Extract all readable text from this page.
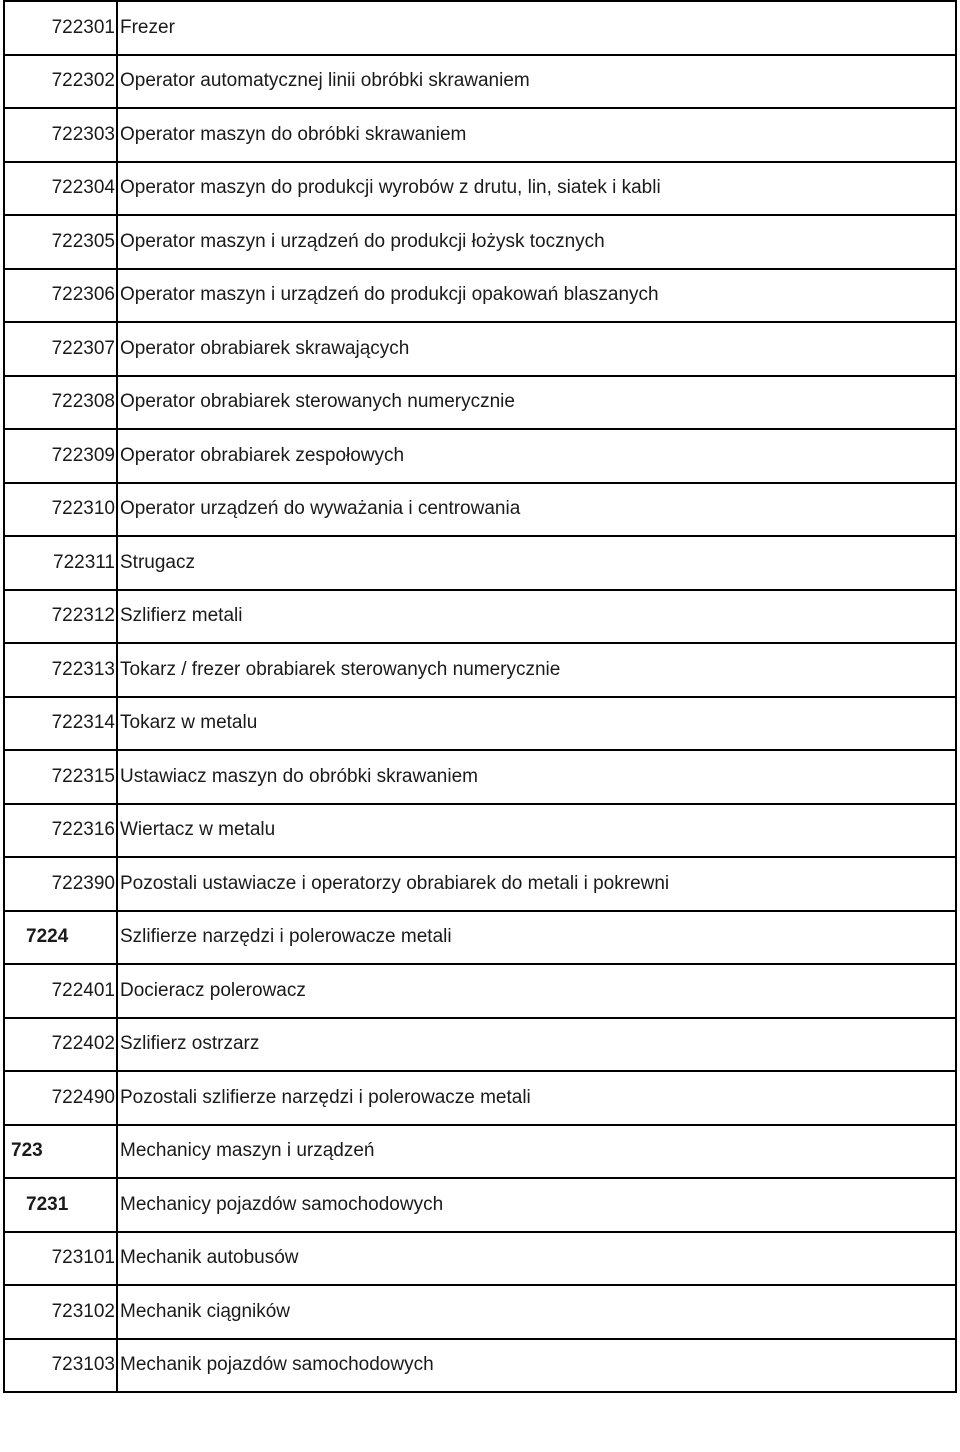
722301	Frezer
722302	Operator automatycznej linii obróbki skrawaniem
722303	Operator maszyn do obróbki skrawaniem
722304	Operator maszyn do produkcji wyrobów z drutu, lin, siatek i kabli
722305	Operator maszyn i urządzeń do produkcji łożysk tocznych
722306	Operator maszyn i urządzeń do produkcji opakowań blaszanych
722307	Operator obrabiarek skrawających
722308	Operator obrabiarek sterowanych numerycznie
722309	Operator obrabiarek zespołowych
722310	Operator urządzeń do wyważania i centrowania
722311	Strugacz
722312	Szlifierz metali
722313	Tokarz / frezer obrabiarek sterowanych numerycznie
722314	Tokarz w metalu
722315	Ustawiacz maszyn do obróbki skrawaniem
722316	Wiertacz w metalu
722390	Pozostali ustawiacze i operatorzy obrabiarek do metali i pokrewni
7224	Szlifierze narzędzi i polerowacze metali
722401	Docieracz polerowacz
722402	Szlifierz ostrzarz
722490	Pozostali szlifierze narzędzi i polerowacze metali
723	Mechanicy maszyn i urządzeń
7231	Mechanicy pojazdów samochodowych
723101	Mechanik autobusów
723102	Mechanik ciągników
723103	Mechanik pojazdów samochodowych
